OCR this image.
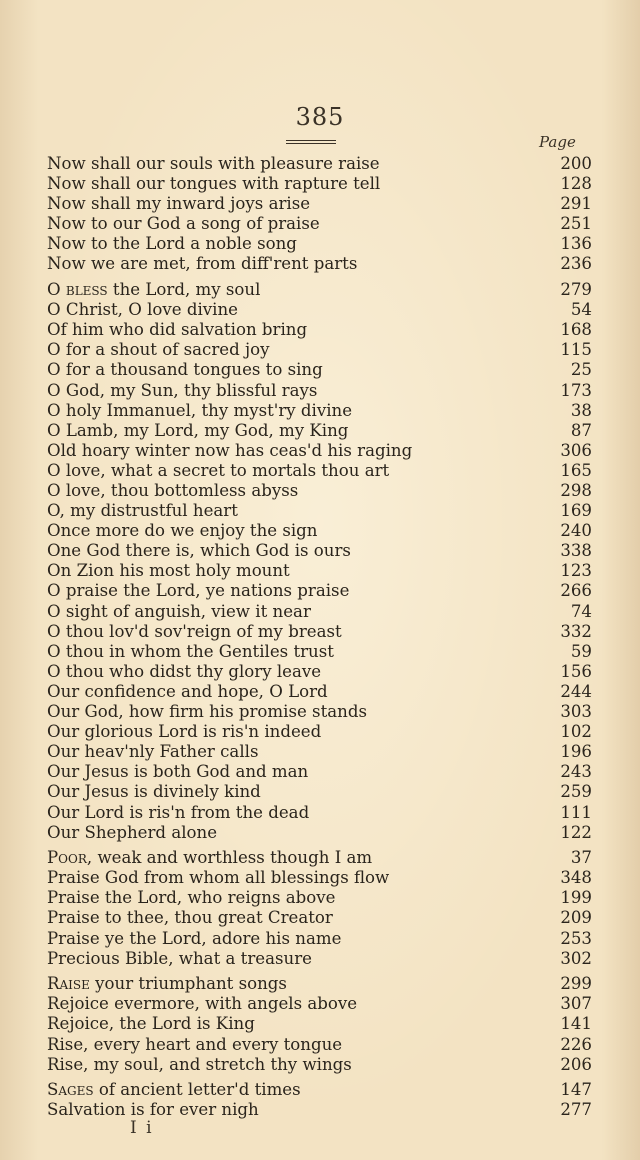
385
Page
Now shall our souls with pleasure raise	200
Now shall our tongues with rapture tell	128
Now shall my inward joys arise	291
Now to our God a song of praise	251
Now to the Lord a noble song	136
Now we are met, from diff'rent parts	236
O bless the Lord, my soul	279
O Christ, O love divine	54
Of him who did salvation bring	168
O for a shout of sacred joy	115
O for a thousand tongues to sing	25
O God, my Sun, thy blissful rays	173
O holy Immanuel, thy myst'ry divine	38
O Lamb, my Lord, my God, my King	87
Old hoary winter now has ceas'd his raging	306
O love, what a secret to mortals thou art	165
O love, thou bottomless abyss	298
O, my distrustful heart	169
Once more do we enjoy the sign	240
One God there is, which God is ours	338
On Zion his most holy mount	123
O praise the Lord, ye nations praise	266
O sight of anguish, view it near	74
O thou lov'd sov'reign of my breast	332
O thou in whom the Gentiles trust	59
O thou who didst thy glory leave	156
Our confidence and hope, O Lord	244
Our God, how firm his promise stands	303
Our glorious Lord is ris'n indeed	102
Our heav'nly Father calls	196
Our Jesus is both God and man	243
Our Jesus is divinely kind	259
Our Lord is ris'n from the dead	111
Our Shepherd alone	122
Poor, weak and worthless though I am	37
Praise God from whom all blessings flow	348
Praise the Lord, who reigns above	199
Praise to thee, thou great Creator	209
Praise ye the Lord, adore his name	253
Precious Bible, what a treasure	302
Raise your triumphant songs	299
Rejoice evermore, with angels above	307
Rejoice, the Lord is King	141
Rise, every heart and every tongue	226
Rise, my soul, and stretch thy wings	206
Sages of ancient letter'd times	147
Salvation is for ever nigh	277
I i
